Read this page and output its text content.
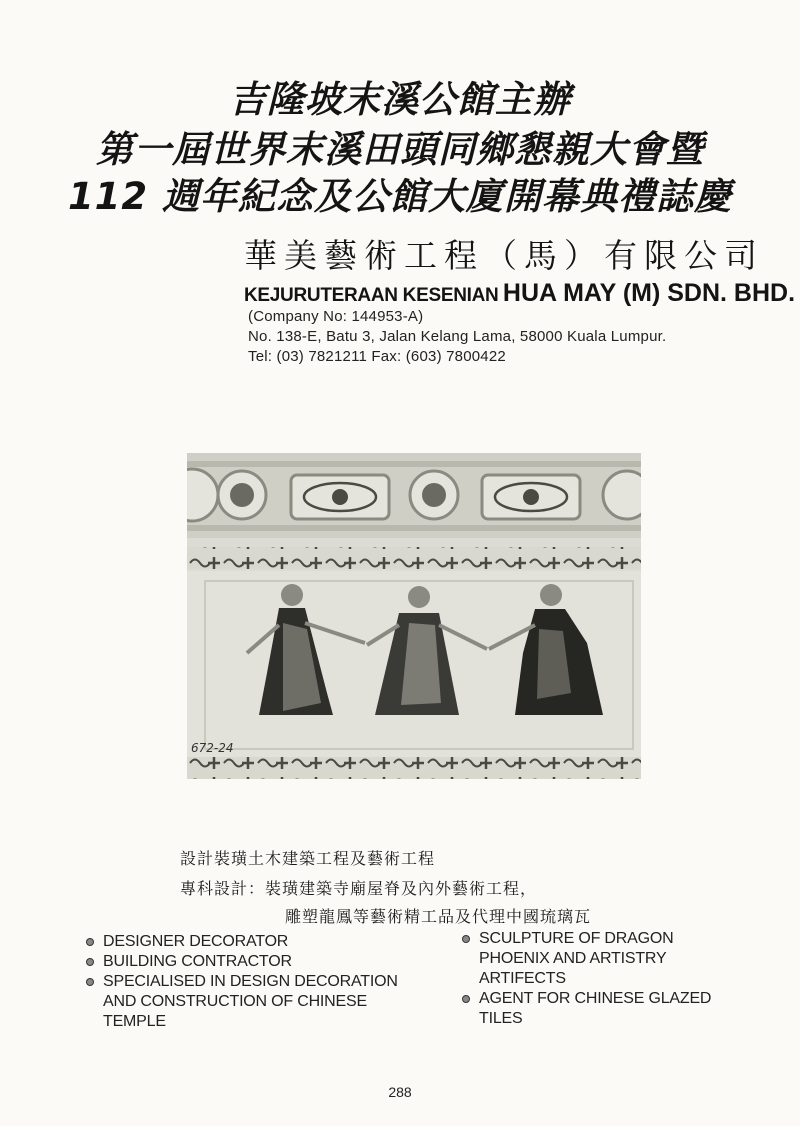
吉隆坡末溪公館主辦
第一屆世界末溪田頭同鄉懇親大會暨
112 週年紀念及公館大廈開幕典禮誌慶
華美藝術工程（馬）有限公司
KEJURUTERAAN KESENIAN HUA MAY (M) SDN. BHD.
(Company No: 144953-A)
No. 138-E, Batu 3, Jalan Kelang Lama, 58000 Kuala Lumpur.
Tel: (03) 7821211 Fax: (603) 7800422
672-24
設計裝璜土木建築工程及藝術工程
專科設計：裝璜建築寺廟屋脊及內外藝術工程，
雕塑龍鳳等藝術精工品及代理中國琉璃瓦
DESIGNER DECORATOR
BUILDING CONTRACTOR
SPECIALISED IN DESIGN DECORATION AND CONSTRUCTION OF CHINESE TEMPLE
SCULPTURE OF DRAGON PHOENIX AND ARTISTRY ARTIFECTS
AGENT FOR CHINESE GLAZED TILES
288
